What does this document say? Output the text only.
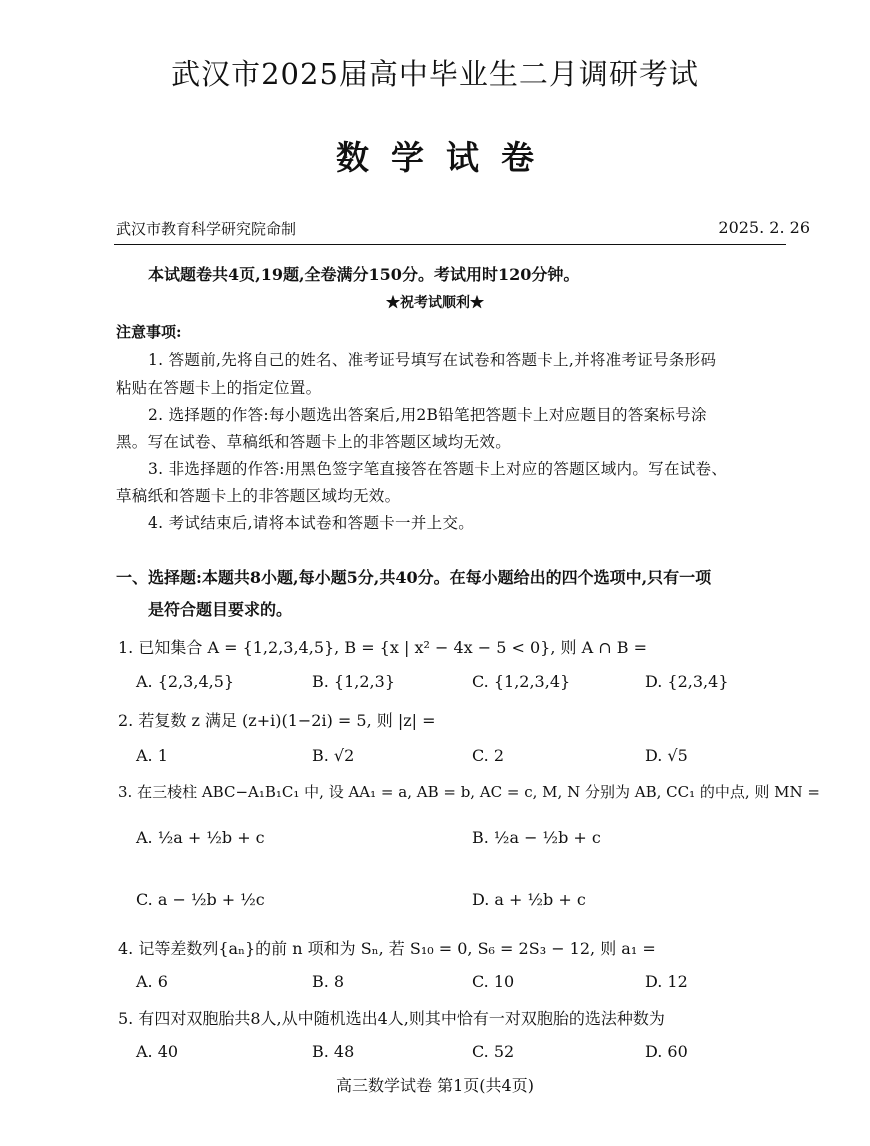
武汉市2025届高中毕业生二月调研考试
数学试卷
武汉市教育科学研究院命制	2025. 2. 26
本试题卷共4页,19题,全卷满分150分。考试用时120分钟。
★祝考试顺利★
注意事项:
1. 答题前,先将自己的姓名、准考证号填写在试卷和答题卡上,并将准考证号条形码
粘贴在答题卡上的指定位置。
2. 选择题的作答:每小题选出答案后,用2B铅笔把答题卡上对应题目的答案标号涂
黑。写在试卷、草稿纸和答题卡上的非答题区域均无效。
3. 非选择题的作答:用黑色签字笔直接答在答题卡上对应的答题区域内。写在试卷、
草稿纸和答题卡上的非答题区域均无效。
4. 考试结束后,请将本试卷和答题卡一并上交。
一、选择题:本题共8小题,每小题5分,共40分。在每小题给出的四个选项中,只有一项
是符合题目要求的。
1. 已知集合 A = {1,2,3,4,5}, B = {x | x² − 4x − 5 < 0}, 则 A ∩ B =
A. {2,3,4,5}	B. {1,2,3}	C. {1,2,3,4}	D. {2,3,4}
2. 若复数 z 满足 (z+i)(1−2i) = 5, 则 |z| =
A. 1	B. √2	C. 2	D. √5
3. 在三棱柱 ABC−A₁B₁C₁ 中, 设 AA₁ = a, AB = b, AC = c, M, N 分别为 AB, CC₁ 的中点, 则 MN =
A. ½a + ½b + c	B. ½a − ½b + c
C. a − ½b + ½c	D. a + ½b + c
4. 记等差数列{aₙ}的前 n 项和为 Sₙ, 若 S₁₀ = 0, S₆ = 2S₃ − 12, 则 a₁ =
A. 6	B. 8	C. 10	D. 12
5. 有四对双胞胎共8人,从中随机选出4人,则其中恰有一对双胞胎的选法种数为
A. 40	B. 48	C. 52	D. 60
高三数学试卷 第1页(共4页)
